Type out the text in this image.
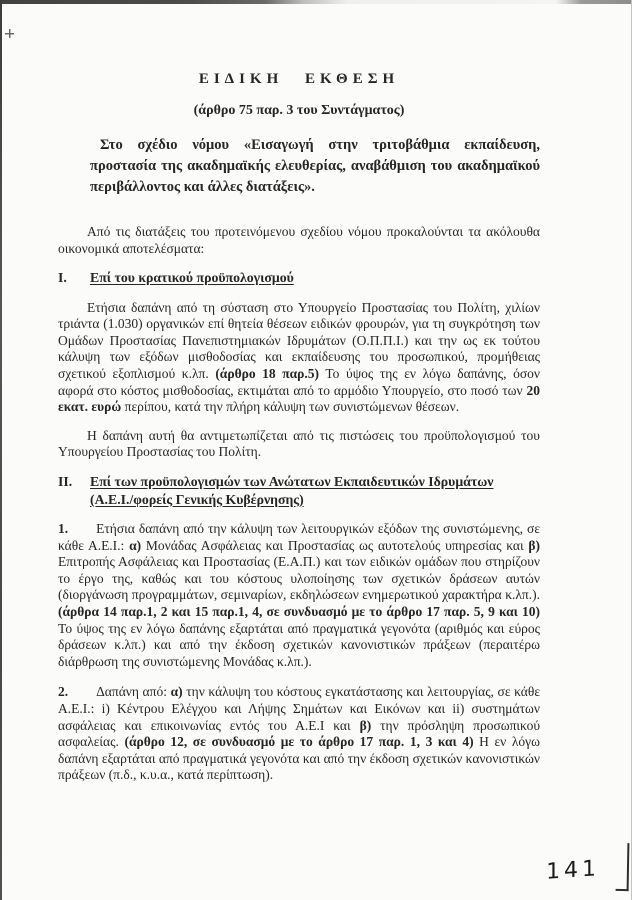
ΕΙΔΙΚΗ ΕΚΘΕΣΗ
(άρθρο 75 παρ. 3 του Συντάγματος)

Στο σχέδιο νόμου «Εισαγωγή στην τριτοβάθμια εκπαίδευση, προστασία της ακαδημαϊκής ελευθερίας, αναβάθμιση του ακαδημαϊκού περιβάλλοντος και άλλες διατάξεις».

Από τις διατάξεις του προτεινόμενου σχεδίου νόμου προκαλούνται τα ακόλουθα οικονομικά αποτελέσματα:

I.	Επί του κρατικού προϋπολογισμού

Ετήσια δαπάνη από τη σύσταση στο Υπουργείο Προστασίας του Πολίτη, χιλίων τριάντα (1.030) οργανικών επί θητεία θέσεων ειδικών φρουρών, για τη συγκρότηση των Ομάδων Προστασίας Πανεπιστημιακών Ιδρυμάτων (Ο.Π.Π.Ι.) και την ως εκ τούτου κάλυψη των εξόδων μισθοδοσίας και εκπαίδευσης του προσωπικού, προμήθειας σχετικού εξοπλισμού κ.λπ. (άρθρο 18 παρ.5) Το ύψος της εν λόγω δαπάνης, όσον αφορά στο κόστος μισθοδοσίας, εκτιμάται από το αρμόδιο Υπουργείο, στο ποσό των 20 εκατ. ευρώ περίπου, κατά την πλήρη κάλυψη των συνιστώμενων θέσεων.

Η δαπάνη αυτή θα αντιμετωπίζεται από τις πιστώσεις του προϋπολογισμού του Υπουργείου Προστασίας του Πολίτη.

II.	Επί των προϋπολογισμών των Ανώτατων Εκπαιδευτικών Ιδρυμάτων (Α.Ε.Ι./φορείς Γενικής Κυβέρνησης)

1. Ετήσια δαπάνη από την κάλυψη των λειτουργικών εξόδων της συνιστώμενης, σε κάθε Α.Ε.Ι.: α) Μονάδας Ασφάλειας και Προστασίας ως αυτοτελούς υπηρεσίας και β) Επιτροπής Ασφάλειας και Προστασίας (Ε.Α.Π.) και των ειδικών ομάδων που στηρίζουν το έργο της, καθώς και του κόστους υλοποίησης των σχετικών δράσεων αυτών (διοργάνωση προγραμμάτων, σεμιναρίων, εκδηλώσεων ενημερωτικού χαρακτήρα κ.λπ.). (άρθρα 14 παρ.1, 2 και 15 παρ.1, 4, σε συνδυασμό με το άρθρο 17 παρ. 5, 9 και 10) Το ύψος της εν λόγω δαπάνης εξαρτάται από πραγματικά γεγονότα (αριθμός και εύρος δράσεων κ.λπ.) και από την έκδοση σχετικών κανονιστικών πράξεων (περαιτέρω διάρθρωση της συνιστώμενης Μονάδας κ.λπ.).

2. Δαπάνη από: α) την κάλυψη του κόστους εγκατάστασης και λειτουργίας, σε κάθε Α.Ε.Ι.: i) Κέντρου Ελέγχου και Λήψης Σημάτων και Εικόνων και ii) συστημάτων ασφάλειας και επικοινωνίας εντός του Α.Ε.Ι και β) την πρόσληψη προσωπικού ασφαλείας. (άρθρο 12, σε συνδυασμό με το άρθρο 17 παρ. 1, 3 και 4) Η εν λόγω δαπάνη εξαρτάται από πραγματικά γεγονότα και από την έκδοση σχετικών κανονιστικών πράξεων (π.δ., κ.υ.α., κατά περίπτωση).

141
